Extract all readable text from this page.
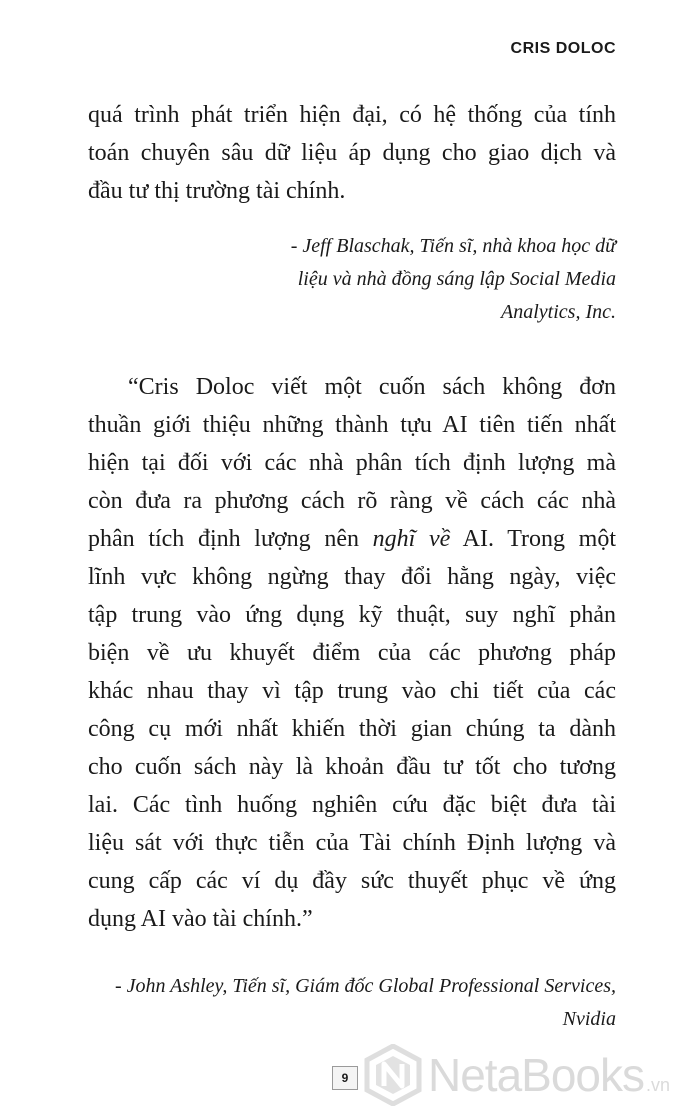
CRIS DOLOC

quá trình phát triển hiện đại, có hệ thống của tính
toán chuyên sâu dữ liệu áp dụng cho giao dịch và
đầu tư thị trường tài chính.

- Jeff Blaschak, Tiến sĩ, nhà khoa học dữ
liệu và nhà đồng sáng lập Social Media
Analytics, Inc.

“Cris Doloc viết một cuốn sách không đơn
thuần giới thiệu những thành tựu AI tiên tiến nhất
hiện tại đối với các nhà phân tích định lượng mà
còn đưa ra phương cách rõ ràng về cách các nhà
phân tích định lượng nên nghĩ về AI. Trong một
lĩnh vực không ngừng thay đổi hằng ngày, việc
tập trung vào ứng dụng kỹ thuật, suy nghĩ phản
biện về ưu khuyết điểm của các phương pháp
khác nhau thay vì tập trung vào chi tiết của các
công cụ mới nhất khiến thời gian chúng ta dành
cho cuốn sách này là khoản đầu tư tốt cho tương
lai. Các tình huống nghiên cứu đặc biệt đưa tài
liệu sát với thực tiễn của Tài chính Định lượng và
cung cấp các ví dụ đầy sức thuyết phục về ứng
dụng AI vào tài chính.”

- John Ashley, Tiến sĩ, Giám đốc Global Professional Services,
Nvidia

9 NetaBooks .vn
